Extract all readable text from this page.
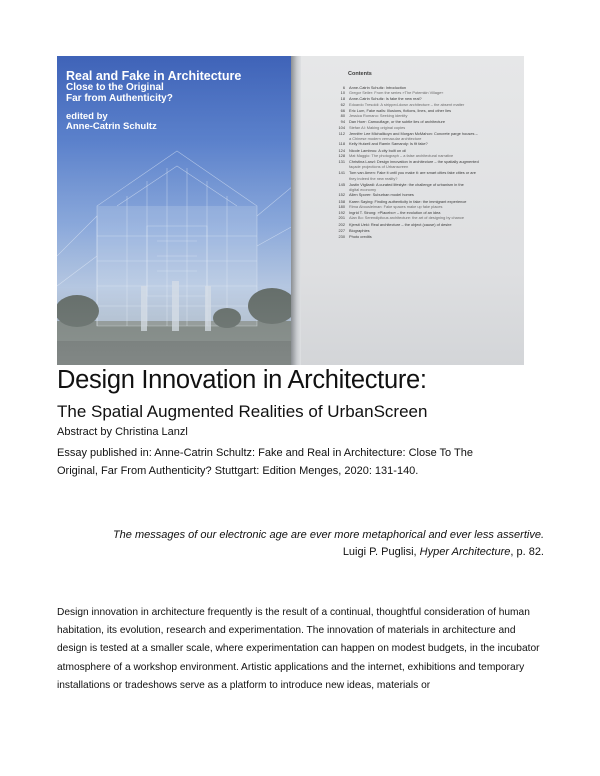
Real and Fake in Architecture
Close to the Original
Far from Authenticity?
edited by
Anne-Catrin Schultz
Contents
6
10
Anne-Catrin Schultz: Introduction
Gregor Seiler: From the series »The Potemkin Village«
18
62
Anne-Catrin Schultz: Is fake the new real?
Edoardo Tresoldi: A stripped-down architecture – the absent matter
66
80
Eric Lum, Fake walls: Illusions, fictions, lines, and other lies
Jessica Romano: Seeking identity
94
104
Dan Hoer: Camouflage, or the subtle lies of architecture
Stefan Al: Making original copies
112

118
Jennifer Lee Michalikoyn and Morgan McMahon: Concrete parge houses –
a Chinese modern vernacular architecture
Kelly Hutzell and Ramin Samandy: Is fit fake?
124
128
Nicole Lambrou: A city built on oil
Mat Maggio: The photograph – a false architectural narrative
131
Christina Lanzl: Design innovation in architecture – the spatially augmented
façade projections of Urbanscreen
141
Tom van Amen: Fake it until you make it: are smart cities fake cities or are
they indeed the new reality?
145

152
Justin Vigliardi: A curated lifestyle: the challenge of urbanism in the
digital economy
Allen Sporer: Suburban model homes
158
180
Karen Saying: Finding authenticity in fake: the immigrant experience
Rima Abousleiman: Fake spaces make up fake places
192
201
Ingrid T. Strong: »Placebo« – the evolution of an idea
Alan Bo: Serendipitous architecture: the art of designing by chance
202 Kjersti Ueki: Real architecture – the object (cause) of desire
227 Biographies
230 Photo credits
Design Innovation in Architecture:
The Spatial Augmented Realities of UrbanScreen

Abstract by Christina Lanzl

Essay published in: Anne-Catrin Schultz: Fake and Real in Architecture: Close To The Original, Far From Authenticity? Stuttgart: Edition Menges, 2020: 131-140.

The messages of our electronic age are ever more metaphorical and ever less assertive.
Luigi P. Puglisi, Hyper Architecture, p. 82.

Design innovation in architecture frequently is the result of a continual, thoughtful consideration of human habitation, its evolution, research and experimentation. The innovation of materials in architecture and design is tested at a smaller scale, where experimentation can happen on modest budgets, in the incubator atmosphere of a workshop environment. Artistic applications and the internet, exhibitions and temporary installations or tradeshows serve as a platform to introduce new ideas, materials or
